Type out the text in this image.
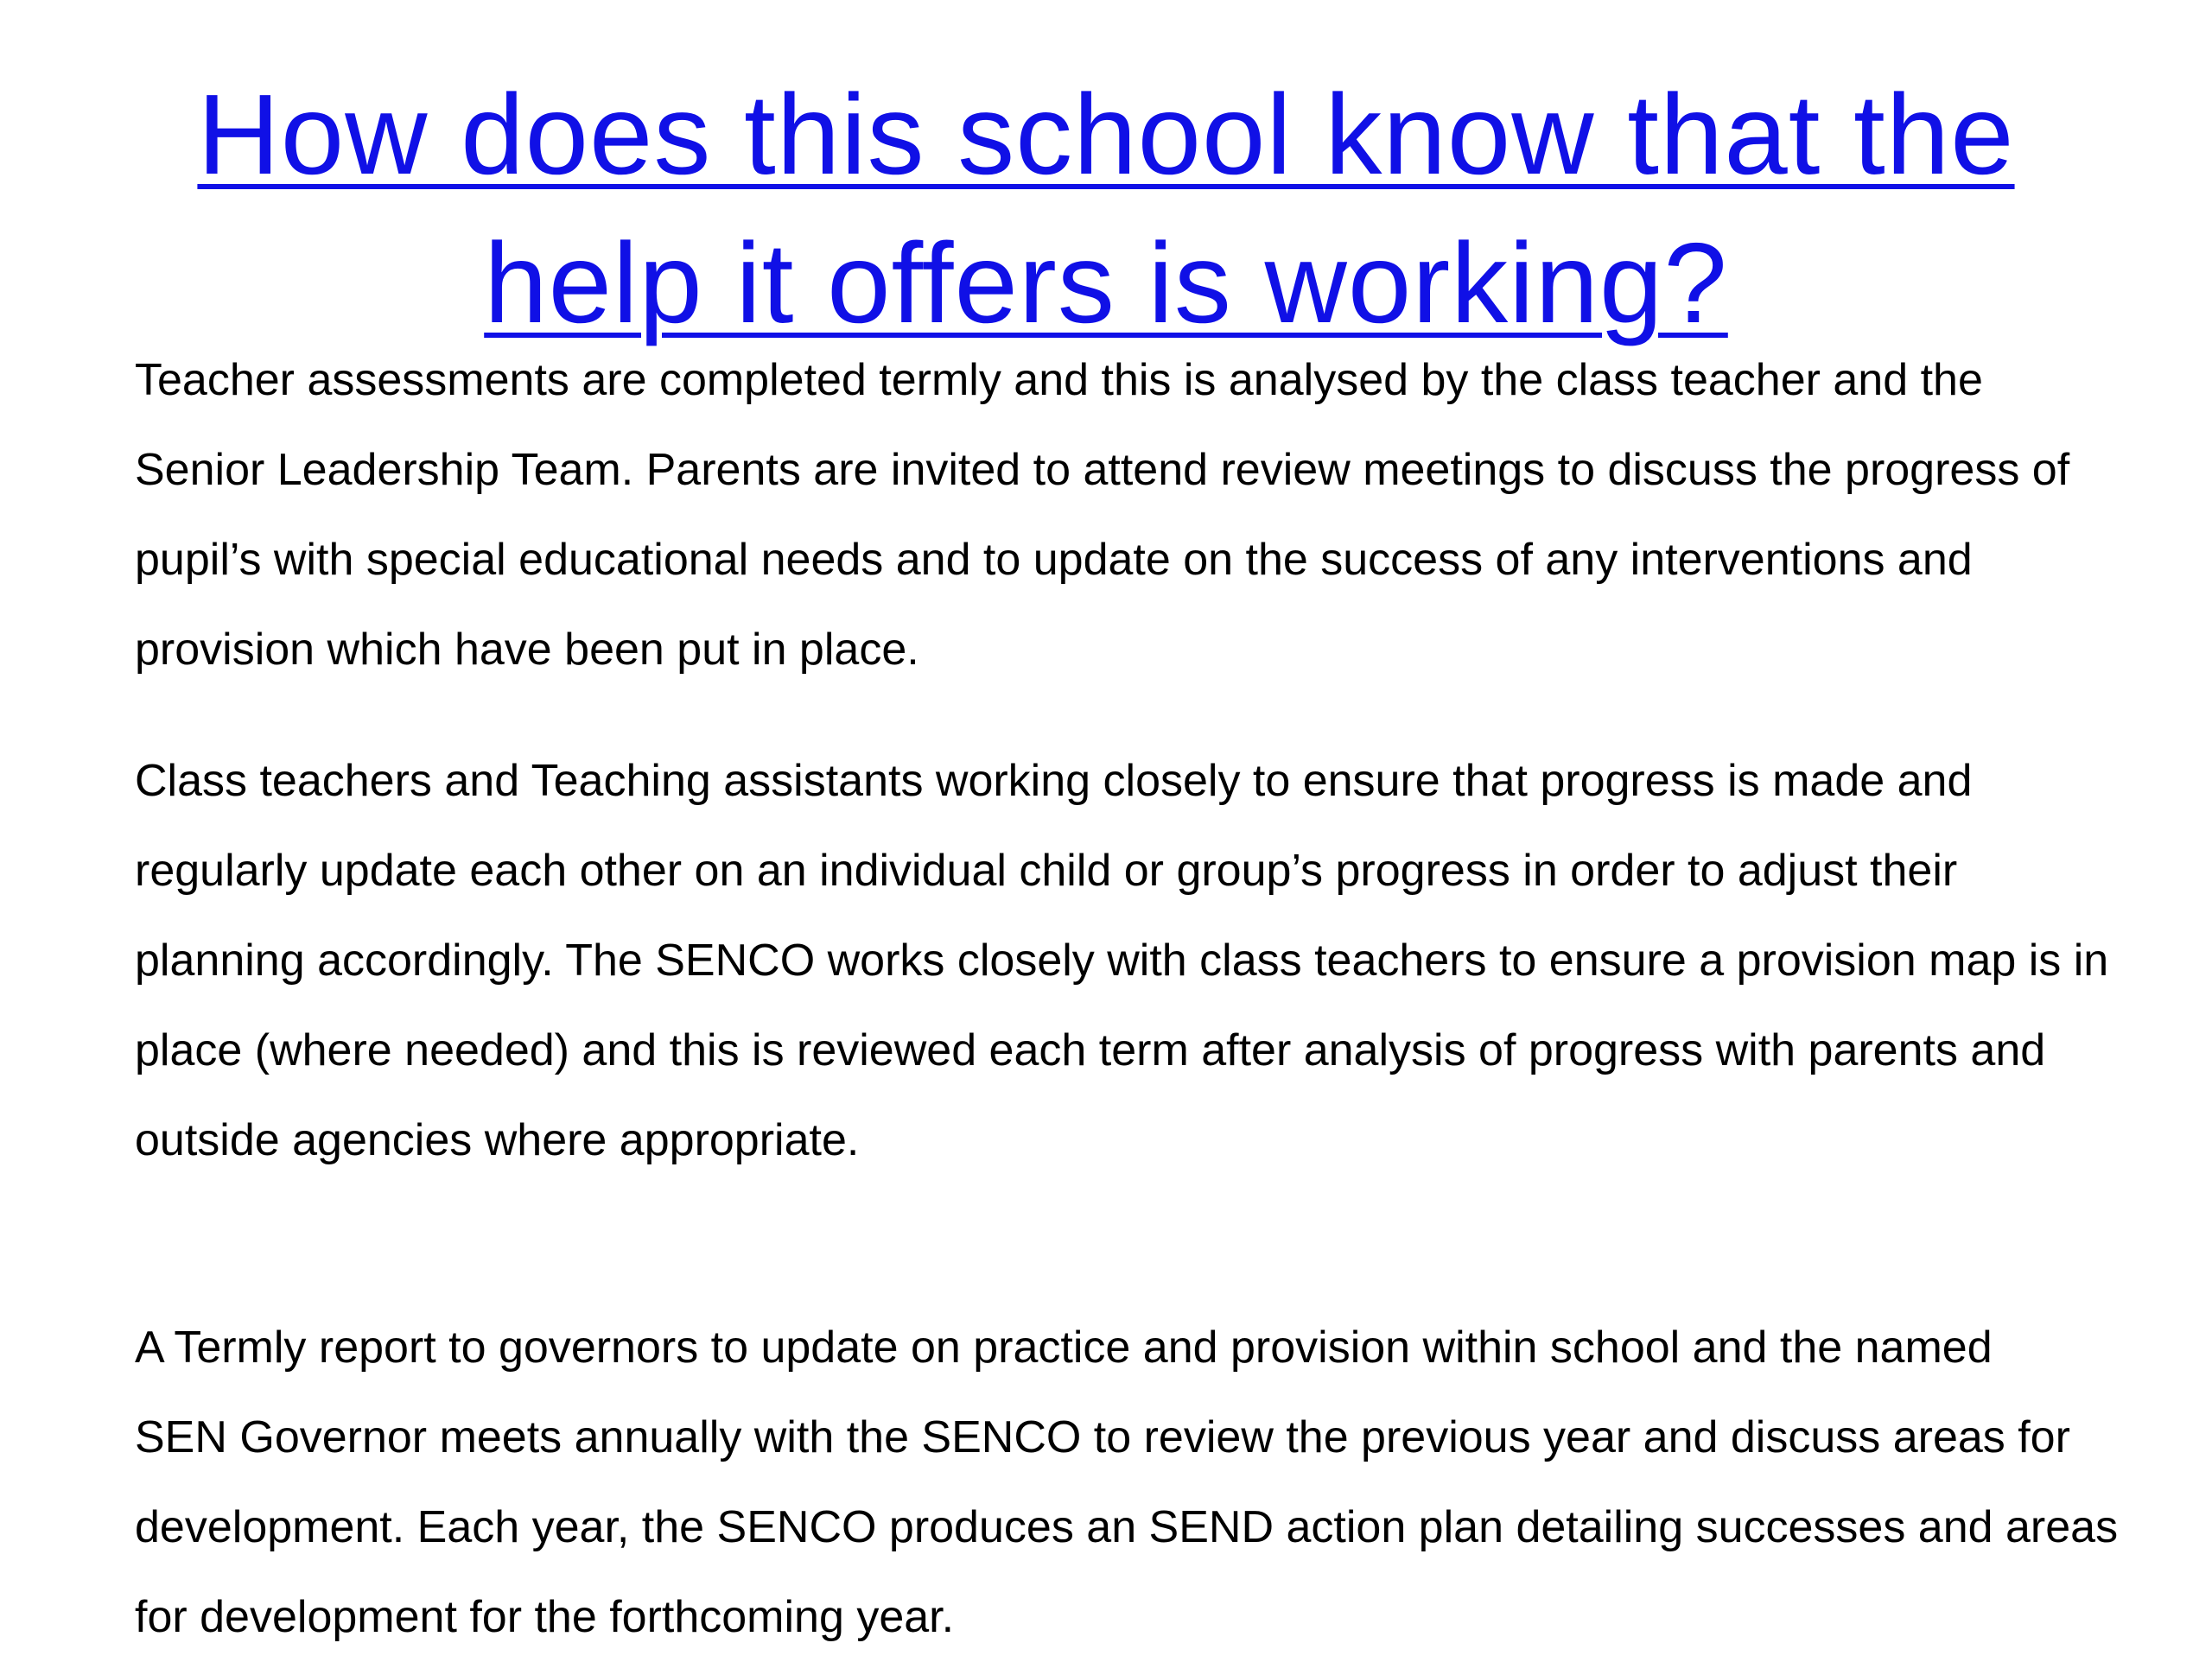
How does this school know that the
help it offers is working?

Teacher assessments are completed termly and this is analysed by the class teacher and the
Senior Leadership Team. Parents are invited to attend review meetings to discuss the progress of
pupil’s with special educational needs and to update on the success of any interventions and
provision which have been put in place.

Class teachers and Teaching assistants working closely to ensure that progress is made and
regularly update each other on an individual child or group’s progress in order to adjust their
planning accordingly. The SENCO works closely with class teachers to ensure a provision map is in
place (where needed) and this is reviewed each term after analysis of progress with parents and
outside agencies where appropriate.

A Termly report to governors to update on practice and provision within school and the named
SEN Governor meets annually with the SENCO to review the previous year and discuss areas for
development. Each year, the SENCO produces an SEND action plan detailing successes and areas
for development for the forthcoming year.
